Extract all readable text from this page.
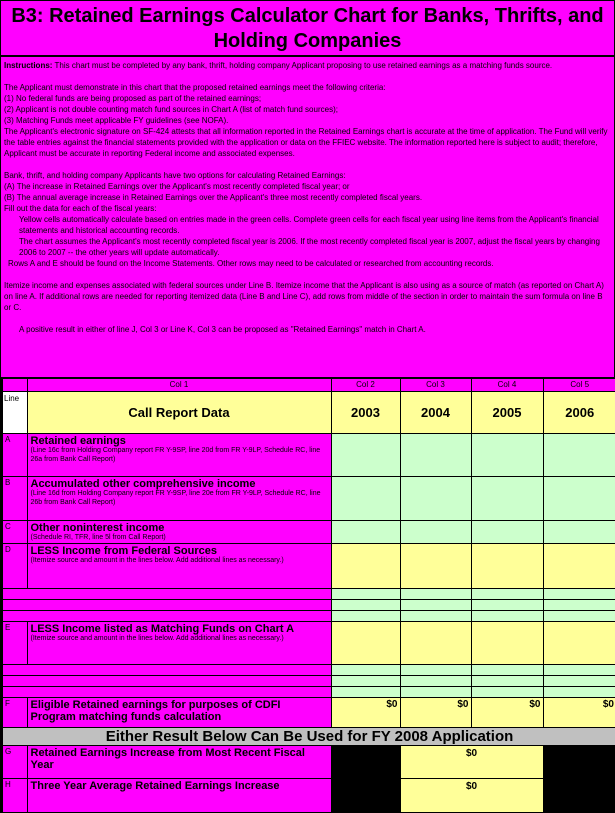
B3: Retained Earnings Calculator Chart for Banks, Thrifts, and Holding Companies
Instructions: This chart must be completed by any bank, thrift, holding company Applicant proposing to use retained earnings as a matching funds source.
The Applicant must demonstrate in this chart that the proposed retained earnings meet the following criteria:
(1) No federal funds are being proposed as part of the retained earnings;
(2) Applicant is not double counting match fund sources in Chart A (list of match fund sources);
(3) Matching Funds meet applicable FY guidelines (see NOFA).
The Applicant's electronic signature on SF-424 attests that all information reported in the Retained Earnings chart is accurate at the time of application. The Fund will verify the table entries against the financial statements provided with the application or data on the FFIEC website. The information reported here is subject to audit; therefore, Applicant must be accurate in reporting Federal income and associated expenses.
Bank, thrift, and holding company Applicants have two options for calculating Retained Earnings:
(A) The increase in Retained Earnings over the Applicant's most recently completed fiscal year; or
(B) The annual average increase in Retained Earnings over the Applicant's three most recently completed fiscal years.
Fill out the data for each of the fiscal years:
Yellow cells automatically calculate based on entries made in the green cells. Complete green cells for each fiscal year using line items from the Applicant's financial statements and historical accounting records.
The chart assumes the Applicant's most recently completed fiscal year is 2006. If the most recently completed fiscal year is 2007, adjust the fiscal years by changing 2006 to 2007 -- the other years will update automatically.
Rows A and E should be found on the Income Statements. Other rows may need to be calculated or researched from accounting records.
Itemize income and expenses associated with federal sources under Line B. Itemize income that the Applicant is also using as a source of match (as reported on Chart A) on line A. If additional rows are needed for reporting itemized data (Line B and Line C), add rows from middle of the section in order to maintain the sum formula on line B or C.
A positive result in either of line J, Col 3 or Line K, Col 3 can be proposed as "Retained Earnings" match in Chart A.
	Col 1	Col 2	Col 3	Col 4	Col 5
Line	Call Report Data	2003	2004	2005	2006
A	Retained earnings
(Line 16c from Holding Company report FR Y-9SP, line 20d from FR Y-9LP, Schedule RC, line 26a from Bank Call Report)				

B	Accumulated other comprehensive income
(Line 16d from Holding Company report FR Y-9SP, line 20e from FR Y-9LP, Schedule RC, line 26b from Bank Call Report)				

C	Other noninterest income
(Schedule RI, TFR, line 5l from Call Report)				

D	LESS Income from Federal Sources
(Itemize source and amount in the lines below. Add additional lines as necessary.)				

E	LESS Income listed as Matching Funds on Chart A
(Itemize source and amount in the lines below. Add additional lines as necessary.)				

F	Eligible Retained earnings for purposes of CDFI Program matching funds calculation	$0	$0	$0	$0
Either Result Below Can Be Used for FY 2008 Application					
G	Retained Earnings Increase from Most Recent Fiscal Year		$0		
H	Three Year Average Retained Earnings Increase		$0		
